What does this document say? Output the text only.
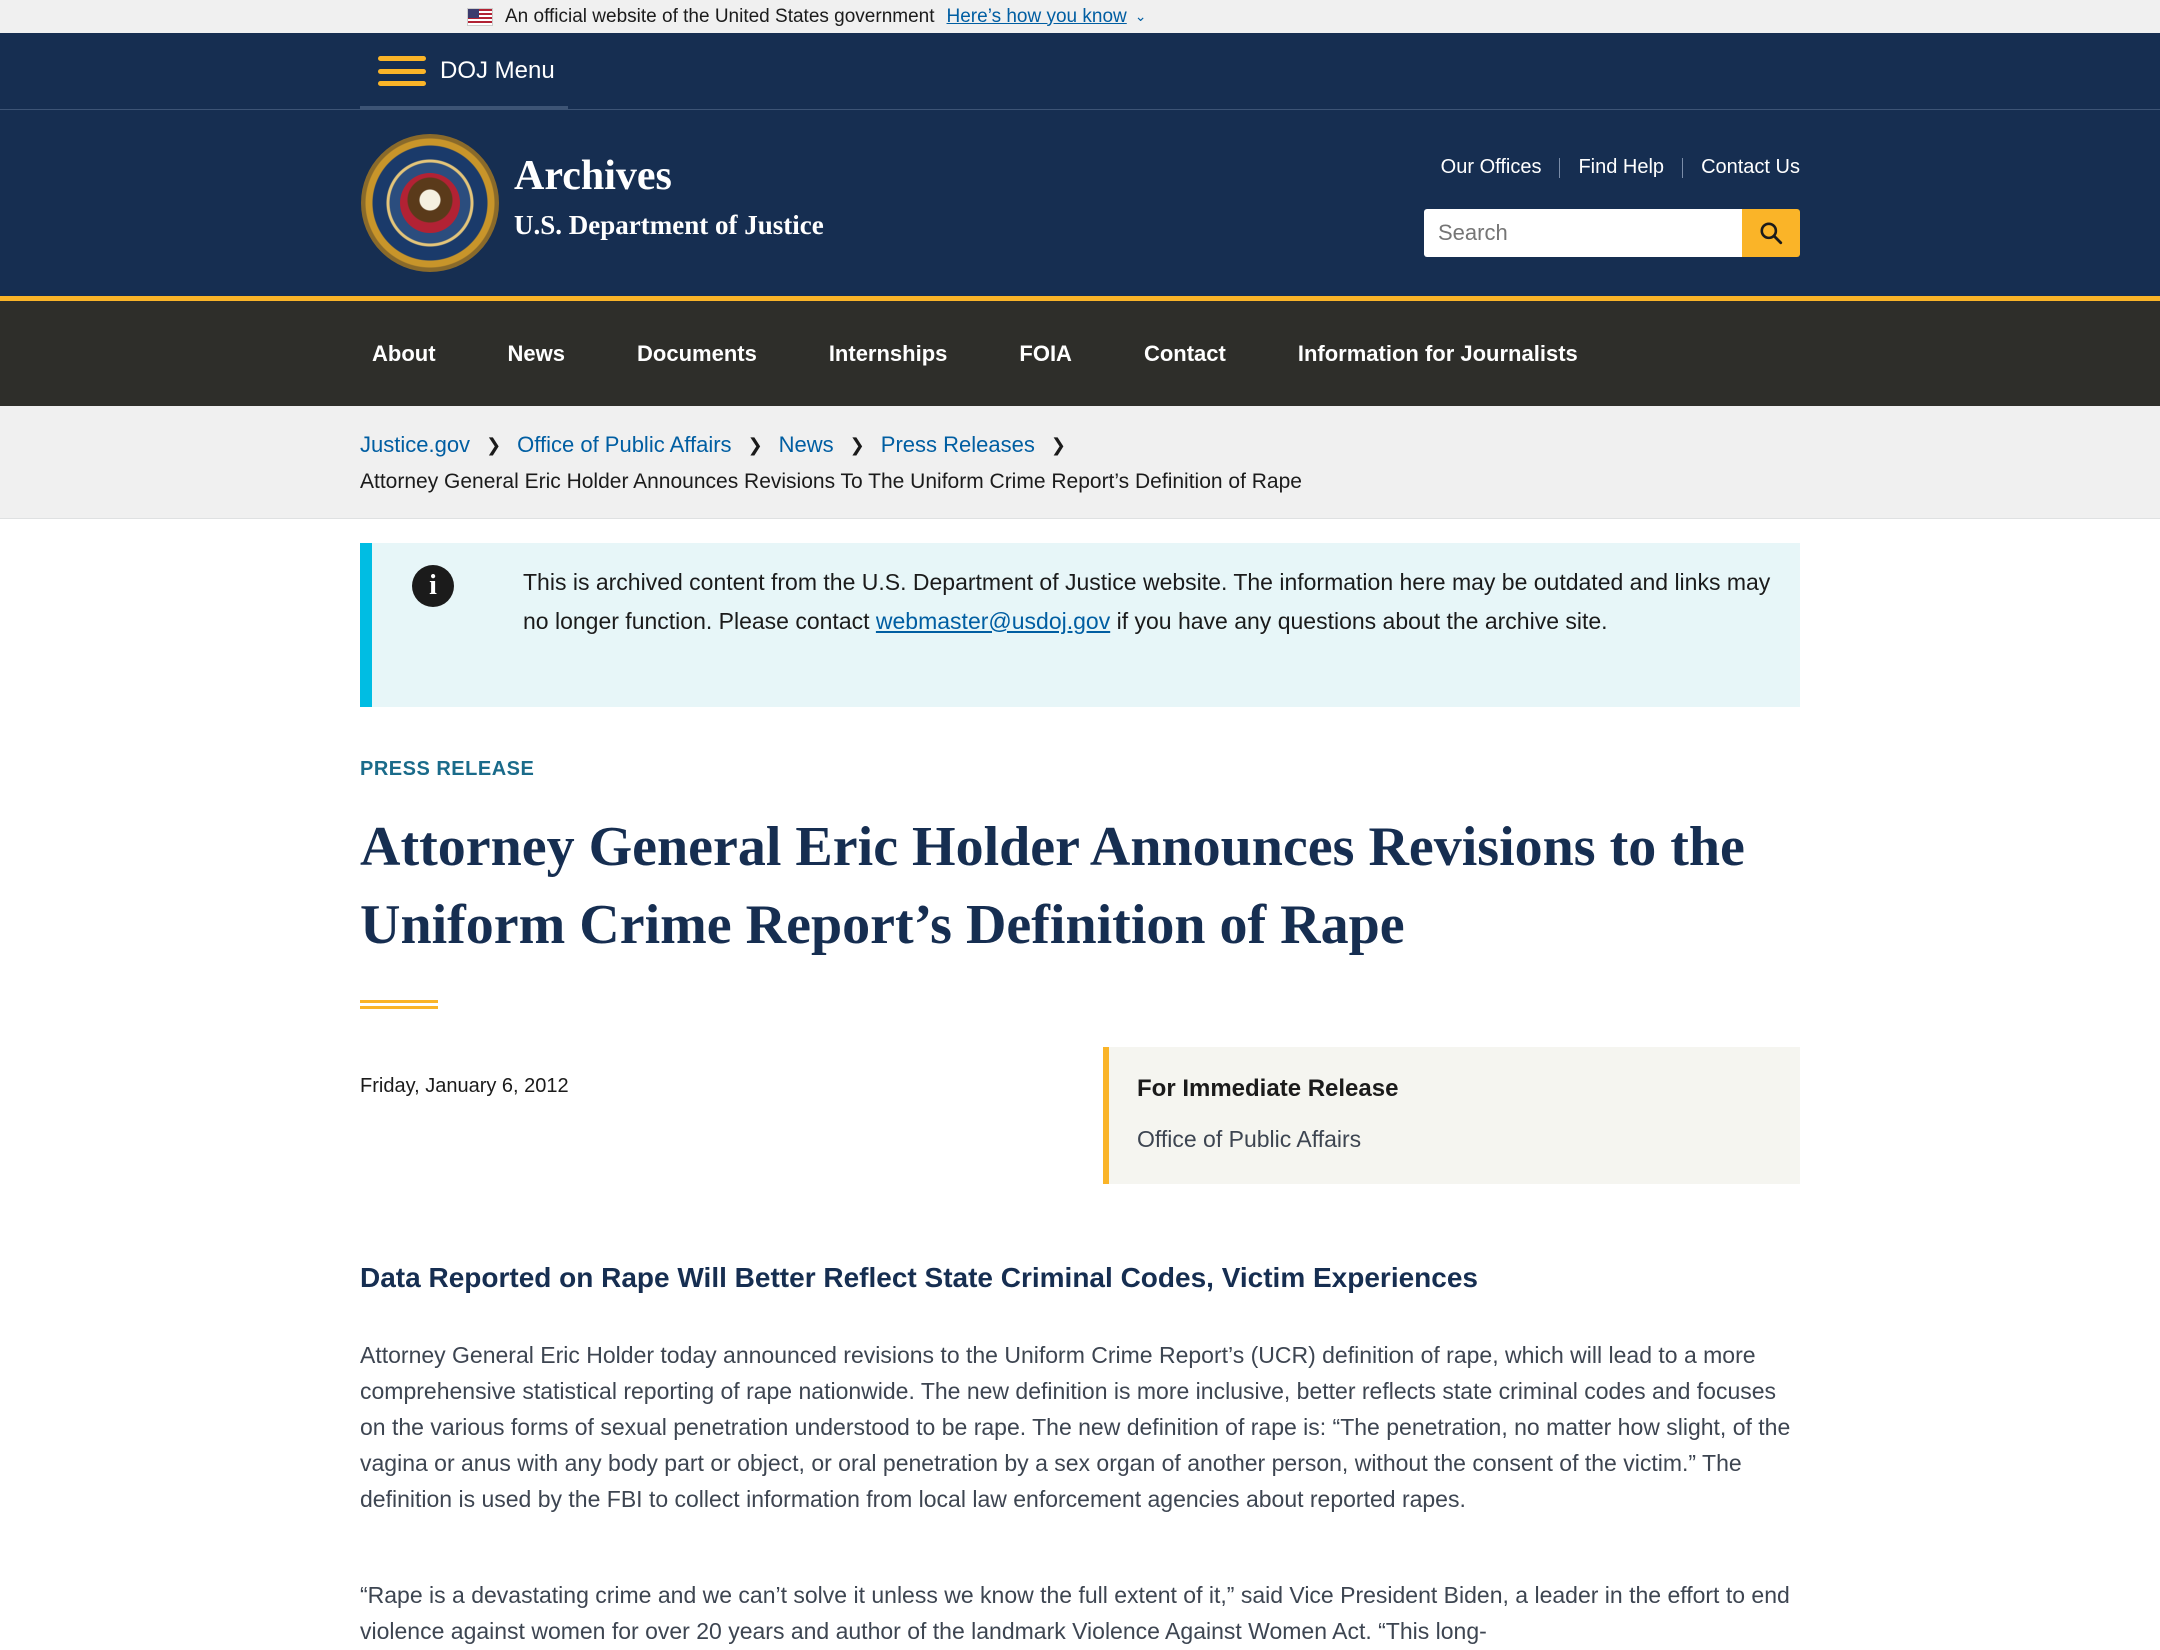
An official website of the United States government Here’s how you know ⌄
DOJ Menu
Archives
U.S. Department of Justice
Our Offices Find Help Contact Us
Search
About	News	Documents	Internships	FOIA	Contact	Information for Journalists
Justice.gov ❯ Office of Public Affairs ❯ News ❯ Press Releases ❯
Attorney General Eric Holder Announces Revisions To The Uniform Crime Report’s Definition of Rape
i	This is archived content from the U.S. Department of Justice website. The information here may be outdated and links may no longer function. Please contact webmaster@usdoj.gov if you have any questions about the archive site.
PRESS RELEASE
Attorney General Eric Holder Announces Revisions to the Uniform Crime Report’s Definition of Rape
Friday, January 6, 2012	For Immediate Release
Office of Public Affairs
Data Reported on Rape Will Better Reflect State Criminal Codes, Victim Experiences

Attorney General Eric Holder today announced revisions to the Uniform Crime Report’s (UCR) definition of rape, which will lead to a more comprehensive statistical reporting of rape nationwide. The new definition is more inclusive, better reflects state criminal codes and focuses on the various forms of sexual penetration understood to be rape. The new definition of rape is: “The penetration, no matter how slight, of the vagina or anus with any body part or object, or oral penetration by a sex organ of another person, without the consent of the victim.” The definition is used by the FBI to collect information from local law enforcement agencies about reported rapes.

“Rape is a devastating crime and we can’t solve it unless we know the full extent of it,” said Vice President Biden, a leader in the effort to end violence against women for over 20 years and author of the landmark Violence Against Women Act. “This long-
